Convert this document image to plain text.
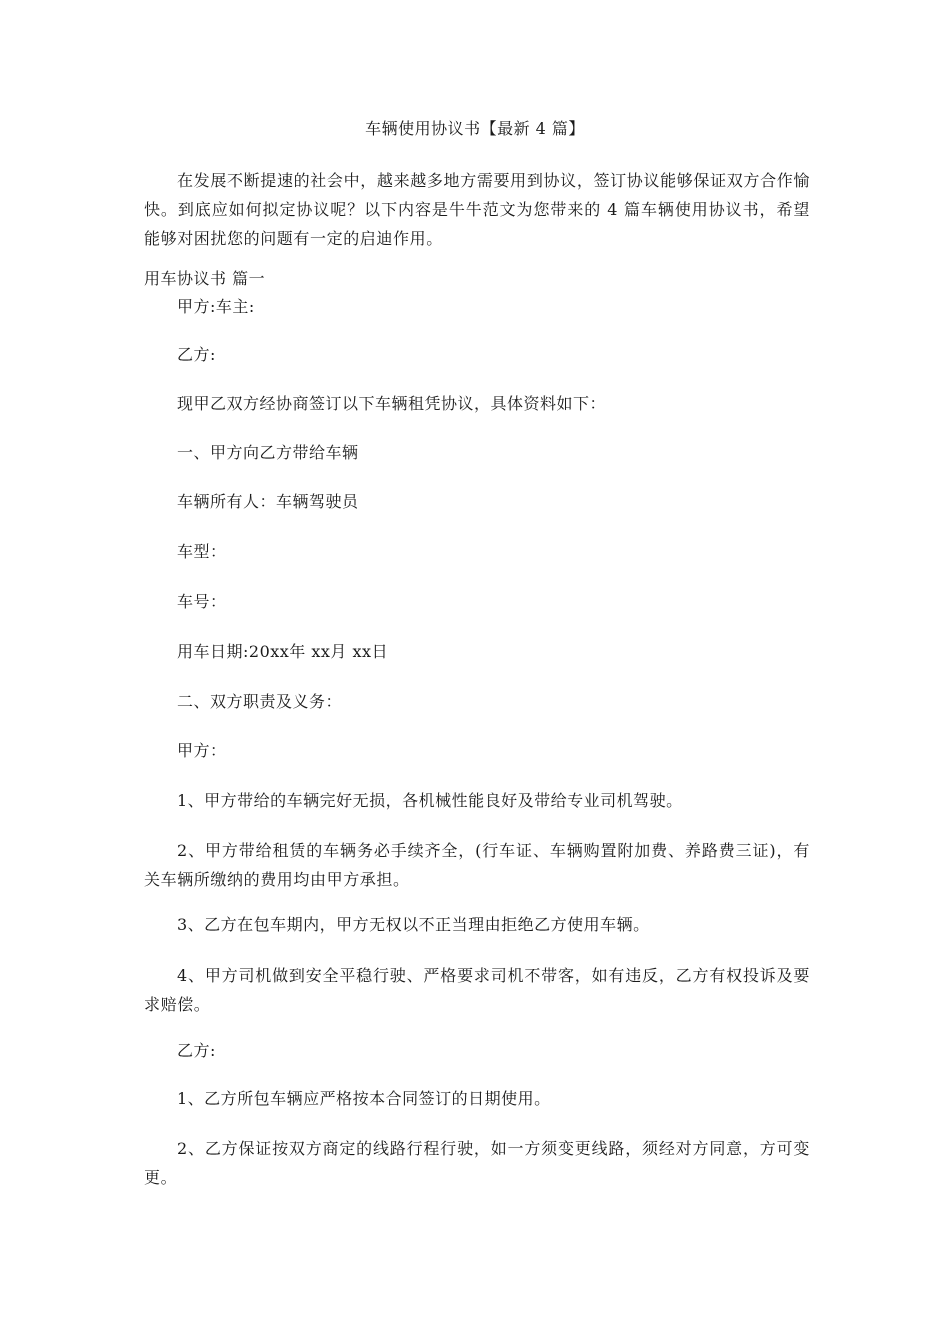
车辆使用协议书【最新 4 篇】

在发展不断提速的社会中，越来越多地方需要用到协议，签订协议能够保证双方合作愉快。到底应如何拟定协议呢？以下内容是牛牛范文为您带来的 4 篇车辆使用协议书，希望能够对困扰您的问题有一定的启迪作用。

用车协议书 篇一
甲方:车主:
乙方:
现甲乙双方经协商签订以下车辆租凭协议，具体资料如下：
一、甲方向乙方带给车辆
车辆所有人：车辆驾驶员
车型：
车号：
用车日期:20xx年 xx月 xx日
二、双方职责及义务：
甲方：
1、甲方带给的车辆完好无损，各机械性能良好及带给专业司机驾驶。

2、甲方带给租赁的车辆务必手续齐全，(行车证、车辆购置附加费、养路费三证)，有关车辆所缴纳的费用均由甲方承担。

3、乙方在包车期内，甲方无权以不正当理由拒绝乙方使用车辆。

4、甲方司机做到安全平稳行驶、严格要求司机不带客，如有违反，乙方有权投诉及要求赔偿。

乙方:
1、乙方所包车辆应严格按本合同签订的日期使用。

2、乙方保证按双方商定的线路行程行驶，如一方须变更线路，须经对方同意，方可变更。
